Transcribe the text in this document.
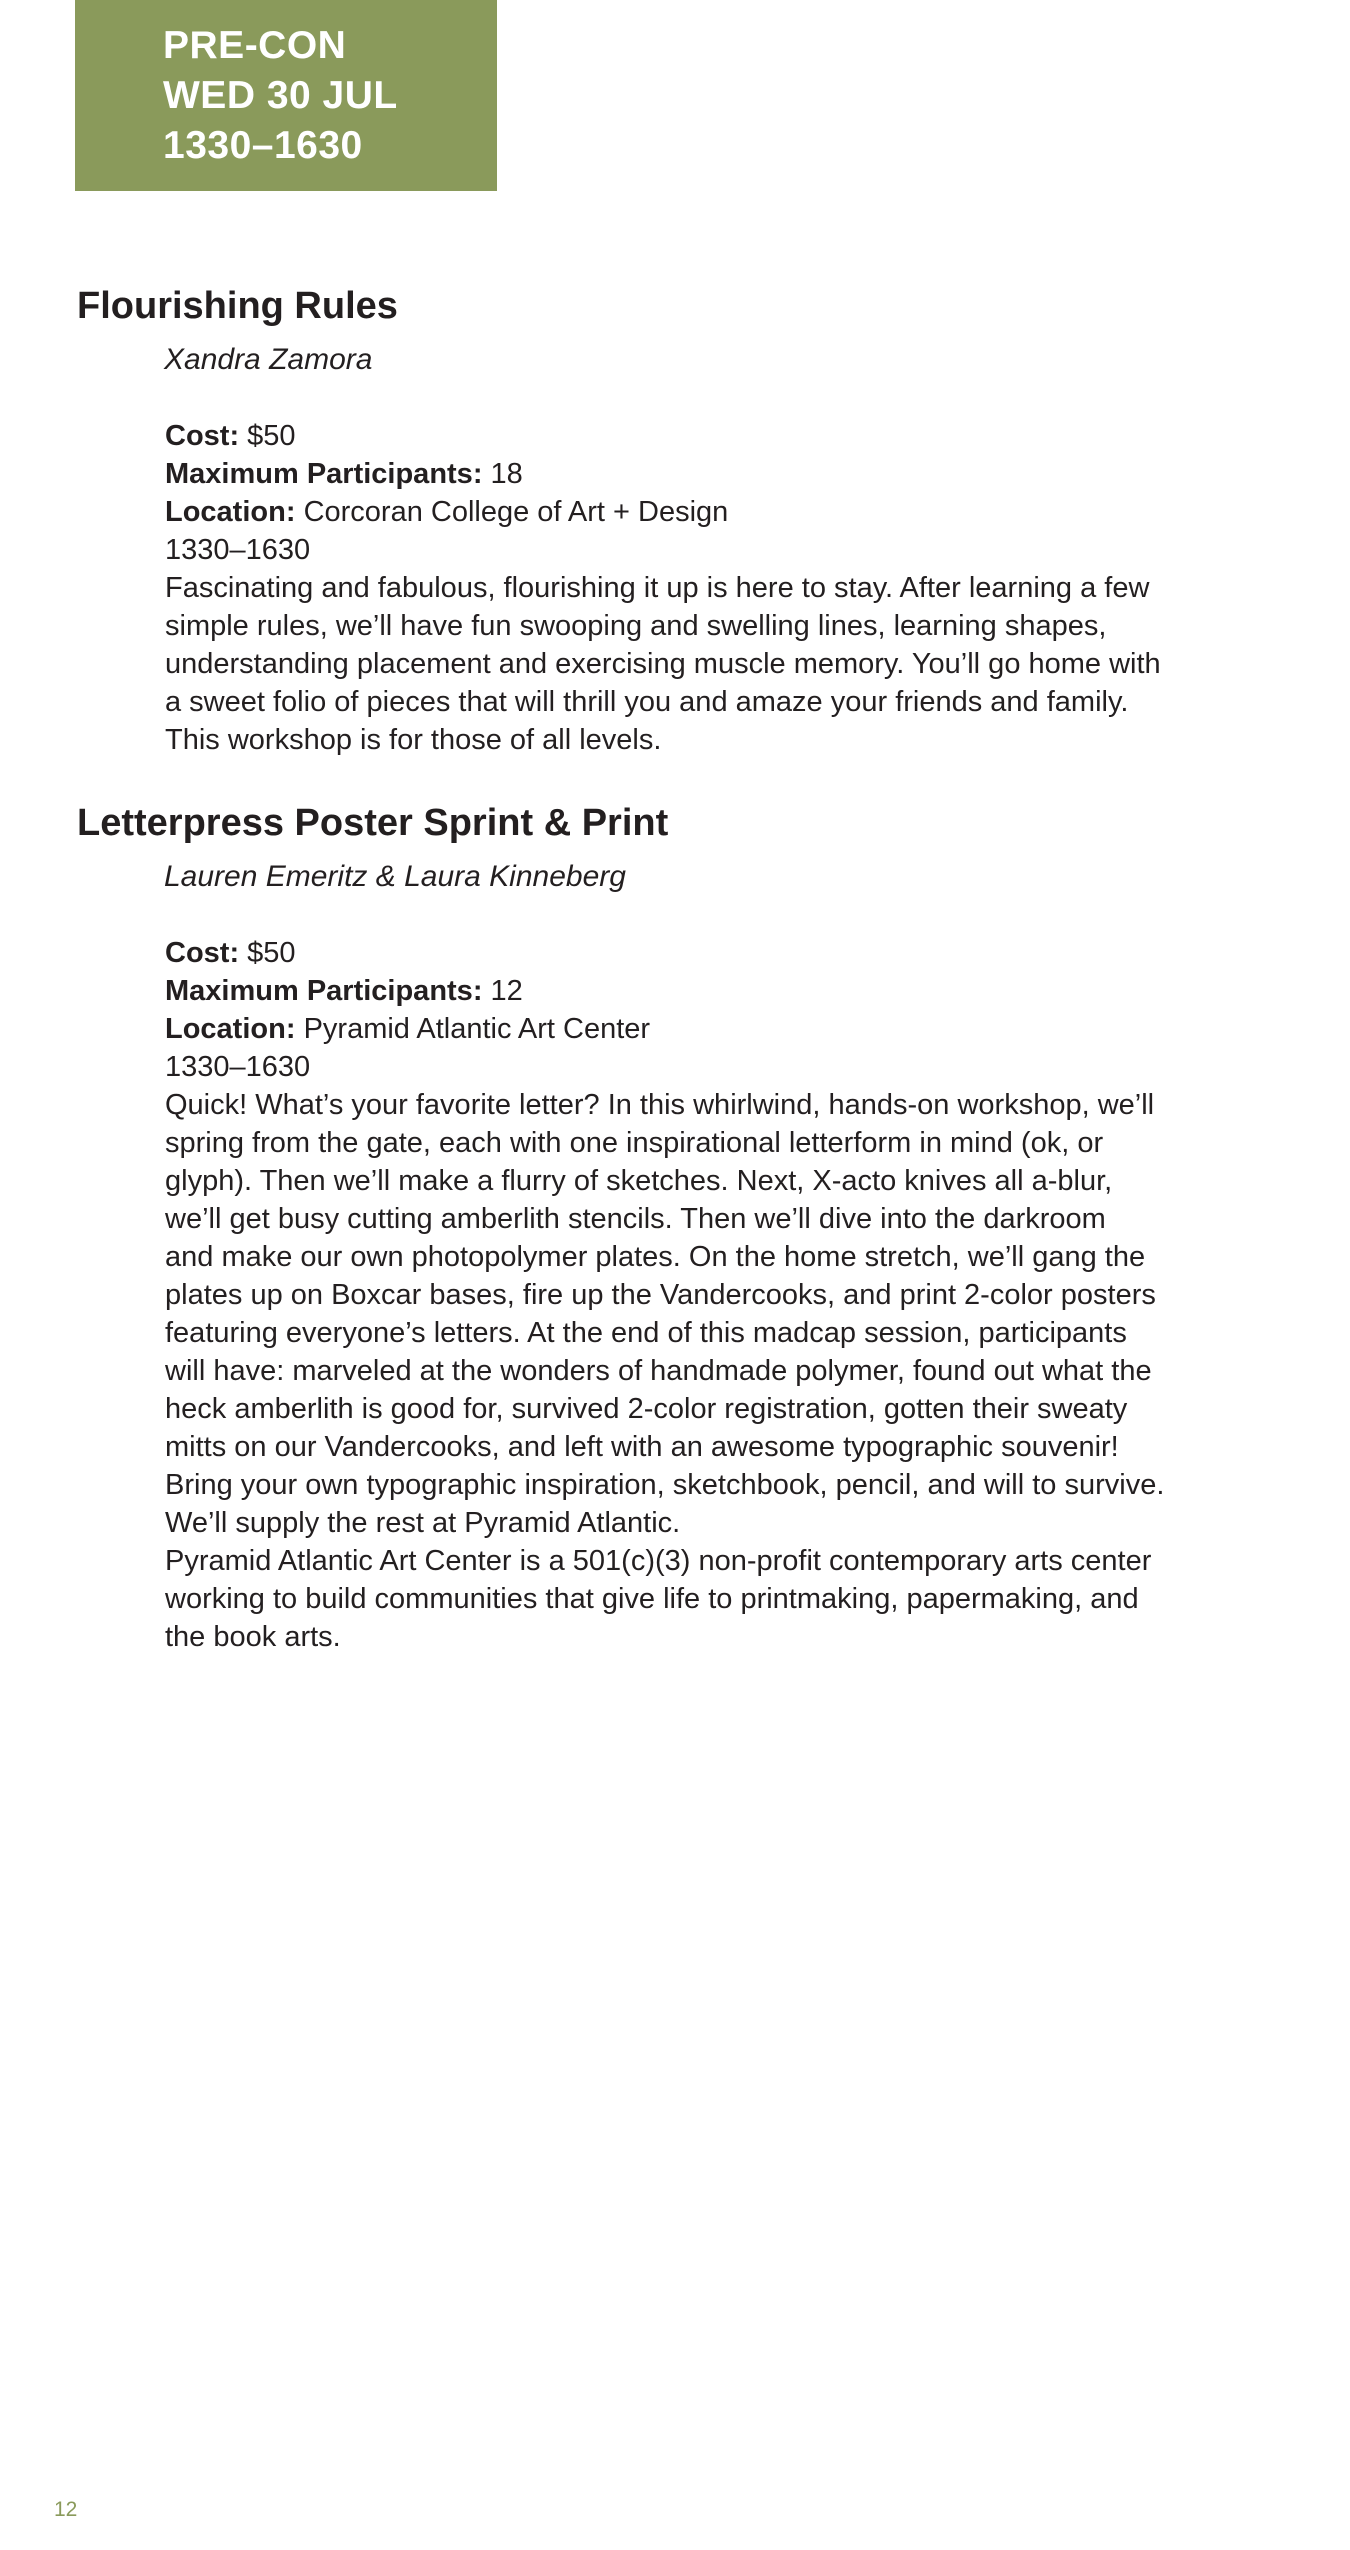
PRE-CON
WED 30 JUL
1330–1630
Flourishing Rules

Xandra Zamora

Cost: $50
Maximum Participants: 18
Location: Corcoran College of Art + Design
1330–1630
Fascinating and fabulous, flourishing it up is here to stay. After learning a few
simple rules, we’ll have fun swooping and swelling lines, learning shapes,
understanding placement and exercising muscle memory. You’ll go home with
a sweet folio of pieces that will thrill you and amaze your friends and family.
This workshop is for those of all levels.
Letterpress Poster Sprint & Print

Lauren Emeritz & Laura Kinneberg

Cost: $50
Maximum Participants: 12
Location: Pyramid Atlantic Art Center
1330–1630
Quick! What’s your favorite letter? In this whirlwind, hands-on workshop, we’ll
spring from the gate, each with one inspirational letterform in mind (ok, or
glyph). Then we’ll make a flurry of sketches. Next, X-acto knives all a-blur,
we’ll get busy cutting amberlith stencils. Then we’ll dive into the darkroom
and make our own photopolymer plates. On the home stretch, we’ll gang the
plates up on Boxcar bases, fire up the Vandercooks, and print 2-color posters
featuring everyone’s letters. At the end of this madcap session, participants
will have: marveled at the wonders of handmade polymer, found out what the
heck amberlith is good for, survived 2-color registration, gotten their sweaty
mitts on our Vandercooks, and left with an awesome typographic souvenir!
Bring your own typographic inspiration, sketchbook, pencil, and will to survive.
We’ll supply the rest at Pyramid Atlantic.
Pyramid Atlantic Art Center is a 501(c)(3) non-profit contemporary arts center
working to build communities that give life to printmaking, papermaking, and
the book arts.
12
